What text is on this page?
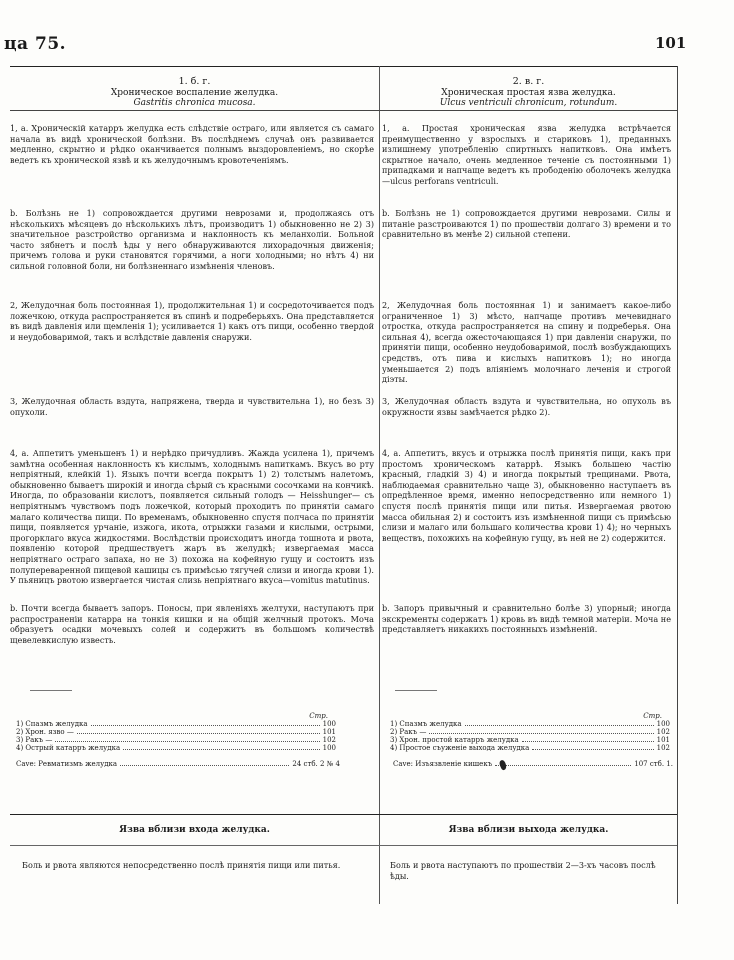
ца 75.	101
1. б. г.
Хроническое воспаление желудка.
Gastritis chronica mucosa.
2. в. г.
Хроническая простая язва желудка.
Ulcus ventriculi chronicum, rotundum.
1, а. Хроническій катарръ желудка есть слѣдствіе остраго, или является съ самаго начала въ видѣ хронической болѣзни. Въ послѣднемъ случаѣ онъ развивается медленно, скрытно и рѣдко оканчивается полнымъ выздоровленіемъ, но скорѣе ведетъ къ хронической язвѣ и къ желудочнымъ кровотеченіямъ.
b. Болѣзнь не 1) сопровождается другими неврозами и, продолжаясь отъ нѣсколькихъ мѣсяцевъ до нѣсколькихъ лѣтъ, производитъ 1) обыкновенно не 2) 3) значительное разстройство организма и наклонность къ меланхоліи. Больной часто зябнетъ и послѣ ѣды у него обнаруживаются лихорадочныя движенія; причемъ голова и руки становятся горячими, а ноги холодными; но нѣтъ 4) ни сильной головной боли, ни болѣзненнаго измѣненія членовъ.
2, Желудочная боль постоянная 1), продолжительная 1) и сосредоточивается подъ ложечкою, откуда распространяется въ спинѣ и подреберьяхъ. Она представляется въ видѣ давленія или щемленія 1); усиливается 1) какъ отъ пищи, особенно твердой и неудобоваримой, такъ и вслѣдствіе давленія снаружи.
3, Желудочная область вздута, напряжена, тверда и чувствительна 1), но безъ 3) опухоли.
4, а. Аппетитъ уменьшенъ 1) и нерѣдко причудливъ. Жажда усилена 1), причемъ замѣтна особенная наклонность къ кислымъ, холоднымъ напиткамъ. Вкусъ во рту непріятный, клейкій 1). Языкъ почти всегда покрытъ 1) 2) толстымъ налетомъ, обыкновенно бываетъ широкій и иногда сѣрый съ красными сосочками на кончикѣ. Иногда, по образованіи кислотъ, появляется сильный голодъ — Heisshunger— съ непріятнымъ чувствомъ подъ ложечкой, который проходитъ по принятіи самаго малаго количества пищи. По временамъ, обыкновенно спустя полчаса по принятіи пищи, появляется урчаніе, изжога, икота, отрыжки газами и кислыми, острыми, прогорклаго вкуса жидкостями. Вослѣдствіи происходитъ иногда тошнота и рвота, появленію которой предшествуетъ жаръ въ желудкѣ; извергаемая масса непріятнаго остраго запаха, но не 3) похожа на кофейную гущу и состоитъ изъ полупереваренной пищевой кашицы съ примѣсью тягучей слизи и иногда крови 1). У пьяницъ рвотою извергается чистая слизь непріятнаго вкуса—vomitus matutinus.
b. Почти всегда бываетъ запоръ. Поносы, при явленіяхъ желтухи, наступаютъ при распространеніи катарра на тонкія кишки и на общій желчный протокъ. Моча образуетъ осадки мочевыхъ солей и содержитъ въ большомъ количествѣ щевелевкислую известь.
1, а. Простая хроническая язва желудка встрѣчается преимущественно у взрослыхъ и стариковъ 1), преданныхъ излишнему употребленію спиртныхъ напитковъ. Она имѣетъ скрытное начало, очень медленное теченіе съ постоянными 1) припадками и напчаще ведетъ къ прободенію оболочекъ желудка—ulcus perforans ventriculi.
b. Болѣзнь не 1) сопровождается другими неврозами. Силы и питаніе разстроиваются 1) по прошествіи долгаго 3) времени и то сравнительно въ менѣе 2) сильной степени.
2, Желудочная боль постоянная 1) и занимаетъ какое-либо ограниченное 1) 3) мѣсто, напчаще противъ мечевиднаго отростка, откуда распространяется на спину и подреберья. Она сильная 4), всегда ожесточающаяся 1) при давленіи снаружи, по принятіи пищи, особенно неудобоваримой, послѣ возбуждающихъ средствъ, отъ пива и кислыхъ напитковъ 1); но иногда уменьшается 2) подъ вліяніемъ молочнаго леченія и строгой діэты.
3, Желудочная область вздута и чувствительна, но опухоль въ окружности язвы замѣчается рѣдко 2).
4, а. Аппетитъ, вкусъ и отрыжка послѣ принятія пищи, какъ при простомъ хроническомъ катаррѣ. Языкъ большею частію красный, гладкій 3) 4) и иногда покрытый трещинами. Рвота, наблюдаемая сравнительно чаще 3), обыкновенно наступаетъ въ опредѣленное время, именно непосредственно или немного 1) спустя послѣ принятія пищи или питья. Извергаемая рвотою масса обильная 2) и состоитъ изъ измѣненной пищи съ примѣсью слизи и малаго или большаго количества крови 1) 4); но черныхъ веществъ, похожихъ на кофейную гущу, въ ней не 2) содержится.
b. Запоръ привычный и сравнительно болѣе 3) упорный; иногда экскременты содержатъ 1) кровь въ видѣ темной матеріи. Моча не представляетъ никакихъ постоянныхъ измѣненій.
Стр.
1) Спазмъ желудка	100
2) Хрон. язво —	101
3) Ракъ —	102
4) Острый катарръ желудка	100
Cave: Ревматизмъ желудка	24 стб. 2 № 4
Стр.
1) Спазмъ желудка	100
2) Ракъ —	102
3) Хрон. простой катарръ желудка	101
4) Простое съуженіе выхода желудка	102
Cave: Изъязвленіе кишекъ	107 стб. 1.
Язва вблизи входа желудка.	Язва вблизи выхода желудка.
Боль и рвота являются непосредственно послѣ принятія пищи или питья.	Боль и рвота наступаютъ по прошествіи 2—3-хъ часовъ послѣ ѣды.
